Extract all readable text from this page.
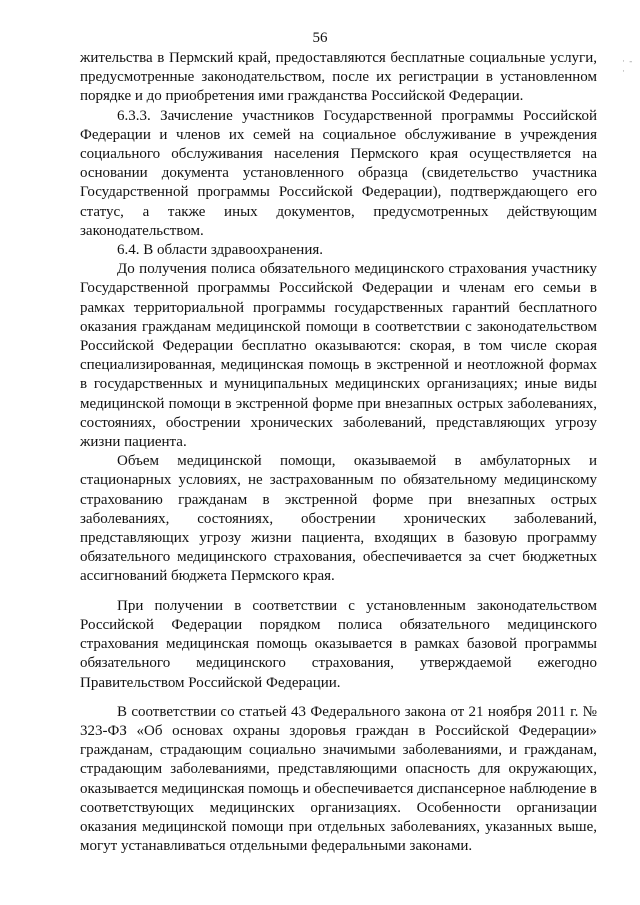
· - ·
56

жительства в Пермский край, предоставляются бесплатные социальные услуги, предусмотренные законодательством, после их регистрации в установленном порядке и до приобретения ими гражданства Российской Федерации.

6.3.3. Зачисление участников Государственной программы Российской Федерации и членов их семей на социальное обслуживание в учреждения социального обслуживания населения Пермского края осуществляется на основании документа установленного образца (свидетельство участника Государственной программы Российской Федерации), подтверждающего его статус, а также иных документов, предусмотренных действующим законодательством.

6.4. В области здравоохранения.

До получения полиса обязательного медицинского страхования участнику Государственной программы Российской Федерации и членам его семьи в рамках территориальной программы государственных гарантий бесплатного оказания гражданам медицинской помощи в соответствии с законодательством Российской Федерации бесплатно оказываются: скорая, в том числе скорая специализированная, медицинская помощь в экстренной и неотложной формах в государственных и муниципальных медицинских организациях; иные виды медицинской помощи в экстренной форме при внезапных острых заболеваниях, состояниях, обострении хронических заболеваний, представляющих угрозу жизни пациента.

Объем медицинской помощи, оказываемой в амбулаторных и стационарных условиях, не застрахованным по обязательному медицинскому страхованию гражданам в экстренной форме при внезапных острых заболеваниях, состояниях, обострении хронических заболеваний, представляющих угрозу жизни пациента, входящих в базовую программу обязательного медицинского страхования, обеспечивается за счет бюджетных ассигнований бюджета Пермского края.

При получении в соответствии с установленным законодательством Российской Федерации порядком полиса обязательного медицинского страхования медицинская помощь оказывается в рамках базовой программы обязательного медицинского страхования, утверждаемой ежегодно Правительством Российской Федерации.

В соответствии со статьей 43 Федерального закона от 21 ноября 2011 г. № 323-ФЗ «Об основах охраны здоровья граждан в Российской Федерации» гражданам, страдающим социально значимыми заболеваниями, и гражданам, страдающим заболеваниями, представляющими опасность для окружающих, оказывается медицинская помощь и обеспечивается диспансерное наблюдение в соответствующих медицинских организациях. Особенности организации оказания медицинской помощи при отдельных заболеваниях, указанных выше, могут устанавливаться отдельными федеральными законами.
